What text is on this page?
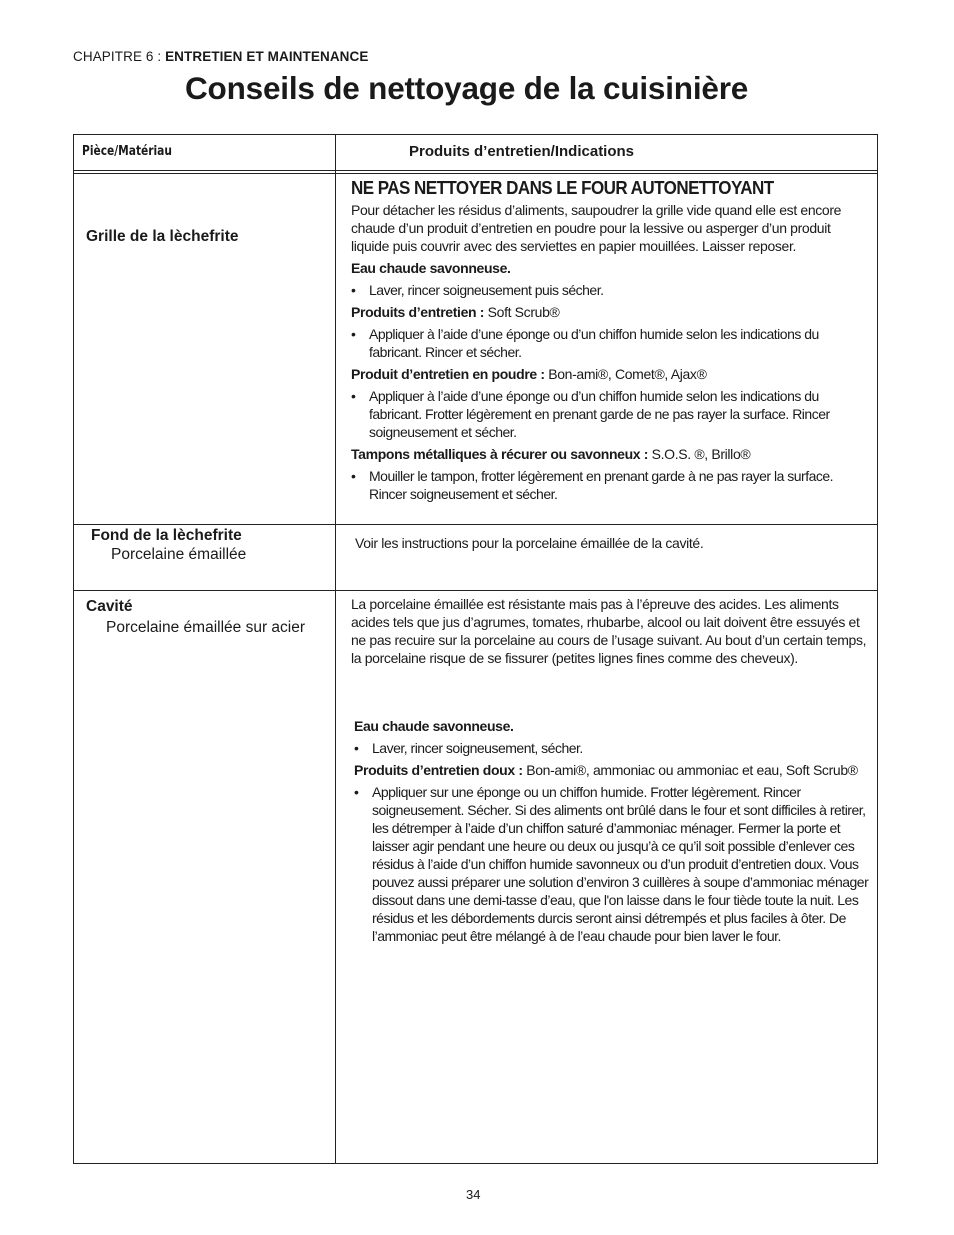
CHAPITRE 6 : ENTRETIEN ET MAINTENANCE
Conseils de nettoyage de la cuisinière
Pièce/Matériau	Produits d’entretien/Indications
Grille de la lèchefrite

NE PAS NETTOYER DANS LE FOUR AUTONETTOYANT

Pour détacher les résidus d’aliments, saupoudrer la grille vide quand elle est encore chaude d’un produit d’entretien en poudre pour la lessive ou asperger d’un produit liquide puis couvrir avec des serviettes en papier mouillées. Laisser reposer.

Eau chaude savonneuse.

• Laver, rincer soigneusement puis sécher.

Produits d’entretien : Soft Scrub®

• Appliquer à l’aide d’une éponge ou d’un chiffon humide selon les indications du fabricant. Rincer et sécher.

Produit d’entretien en poudre : Bon-ami®, Comet®, Ajax®

• Appliquer à l’aide d’une éponge ou d’un chiffon humide selon les indications du fabricant. Frotter légèrement en prenant garde de ne pas rayer la surface. Rincer soigneusement et sécher.

Tampons métalliques à récurer ou savonneux : S.O.S. ®, Brillo®

• Mouiller le tampon, frotter légèrement en prenant garde à ne pas rayer la surface. Rincer soigneusement et sécher.

Fond de la lèchefrite
Porcelaine émaillée

Voir les instructions pour la porcelaine émaillée de la cavité.

Cavité
Porcelaine émaillée sur acier

La porcelaine émaillée est résistante mais pas à l’épreuve des acides. Les aliments acides tels que jus d’agrumes, tomates, rhubarbe, alcool ou lait doivent être essuyés et ne pas recuire sur la porcelaine au cours de l’usage suivant. Au bout d’un certain temps, la porcelaine risque de se fissurer (petites lignes fines comme des cheveux).

Eau chaude savonneuse.

• Laver, rincer soigneusement, sécher.

Produits d’entretien doux : Bon-ami®, ammoniac ou ammoniac et eau, Soft Scrub®

• Appliquer sur une éponge ou un chiffon humide. Frotter légèrement. Rincer soigneusement. Sécher. Si des aliments ont brûlé dans le four et sont difficiles à retirer, les détremper à l’aide d’un chiffon saturé d’ammoniac ménager. Fermer la porte et laisser agir pendant une heure ou deux ou jusqu’à ce qu’il soit possible d’enlever ces résidus à l’aide d’un chiffon humide savonneux ou d’un produit d’entretien doux. Vous pouvez aussi préparer une solution d’environ 3 cuillères à soupe d’ammoniac ménager dissout dans une demi-tasse d’eau, que l'on laisse dans le four tiède toute la nuit. Les résidus et les débordements durcis seront ainsi détrempés et plus faciles à ôter. De l’ammoniac peut être mélangé à de l’eau chaude pour bien laver le four.

34
